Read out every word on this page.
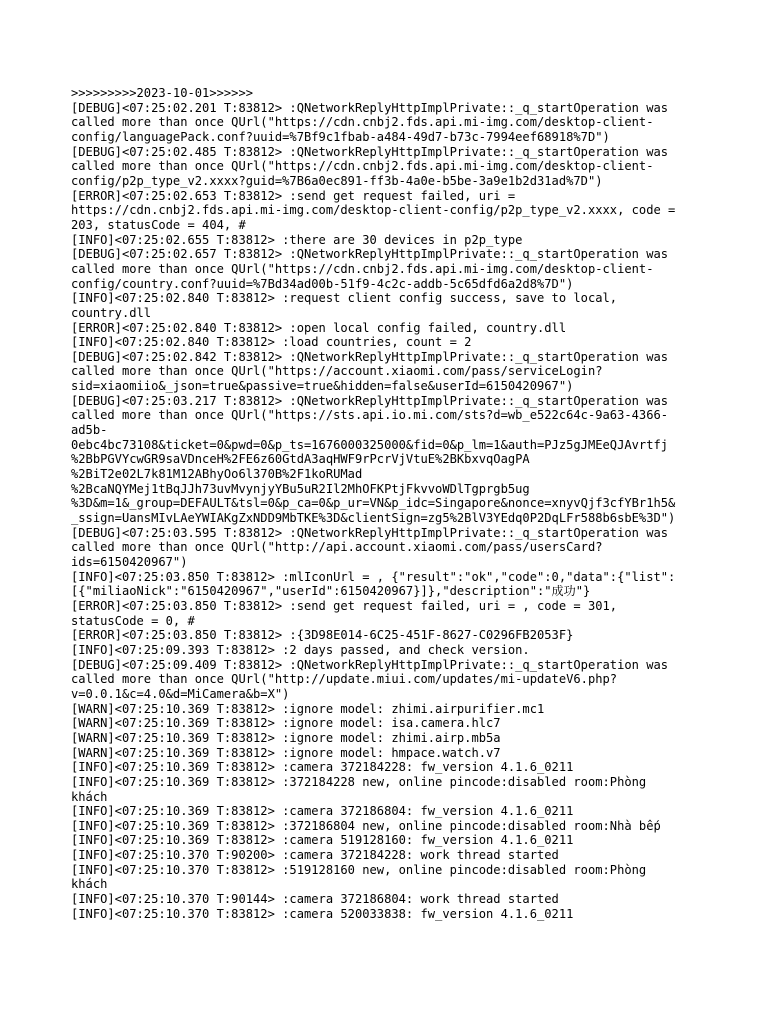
>>>>>>>>>2023-10-01>>>>>>
[DEBUG]<07:25:02.201 T:83812> :QNetworkReplyHttpImplPrivate::_q_startOperation was
called more than once QUrl("https://cdn.cnbj2.fds.api.mi-img.com/desktop-client-
config/languagePack.conf?uuid=%7Bf9c1fbab-a484-49d7-b73c-7994eef68918%7D")
[DEBUG]<07:25:02.485 T:83812> :QNetworkReplyHttpImplPrivate::_q_startOperation was
called more than once QUrl("https://cdn.cnbj2.fds.api.mi-img.com/desktop-client-
config/p2p_type_v2.xxxx?guid=%7B6a0ec891-ff3b-4a0e-b5be-3a9e1b2d31ad%7D")
[ERROR]<07:25:02.653 T:83812> :send get request failed, uri =
https://cdn.cnbj2.fds.api.mi-img.com/desktop-client-config/p2p_type_v2.xxxx, code =
203, statusCode = 404, #
[INFO]<07:25:02.655 T:83812> :there are 30 devices in p2p_type
[DEBUG]<07:25:02.657 T:83812> :QNetworkReplyHttpImplPrivate::_q_startOperation was
called more than once QUrl("https://cdn.cnbj2.fds.api.mi-img.com/desktop-client-
config/country.conf?uuid=%7Bd34ad00b-51f9-4c2c-addb-5c65dfd6a2d8%7D")
[INFO]<07:25:02.840 T:83812> :request client config success, save to local,
country.dll
[ERROR]<07:25:02.840 T:83812> :open local config failed, country.dll
[INFO]<07:25:02.840 T:83812> :load countries, count = 2
[DEBUG]<07:25:02.842 T:83812> :QNetworkReplyHttpImplPrivate::_q_startOperation was
called more than once QUrl("https://account.xiaomi.com/pass/serviceLogin?
sid=xiaomiio&_json=true&passive=true&hidden=false&userId=6150420967")
[DEBUG]<07:25:03.217 T:83812> :QNetworkReplyHttpImplPrivate::_q_startOperation was
called more than once QUrl("https://sts.api.io.mi.com/sts?d=wb_e522c64c-9a63-4366-
ad5b-
0ebc4bc73108&ticket=0&pwd=0&p_ts=1676000325000&fid=0&p_lm=1&auth=PJz5gJMEeQJAvrtfj
%2BbPGVYcwGR9saVDnceH%2FE6z60GtdA3aqHWF9rPcrVjVtuE%2BKbxvqOagPA
%2BiT2e02L7k81M12ABhyOo6l370B%2F1koRUMad
%2BcaNQYMej1tBqJJh73uvMvynjyYBu5uR2Il2MhOFKPtjFkvvoWDlTgprgb5ug
%3D&m=1&_group=DEFAULT&tsl=0&p_ca=0&p_ur=VN&p_idc=Singapore&nonce=xnyvQjf3cfYBr1h5&
_ssign=UansMIvLAeYWIAKgZxNDD9MbTKE%3D&clientSign=zg5%2BlV3YEdq0P2DqLFr588b6sbE%3D")
[DEBUG]<07:25:03.595 T:83812> :QNetworkReplyHttpImplPrivate::_q_startOperation was
called more than once QUrl("http://api.account.xiaomi.com/pass/usersCard?
ids=6150420967")
[INFO]<07:25:03.850 T:83812> :mlIconUrl = , {"result":"ok","code":0,"data":{"list":
[{"miliaoNick":"6150420967","userId":6150420967}]},"description":"成功"}
[ERROR]<07:25:03.850 T:83812> :send get request failed, uri = , code = 301,
statusCode = 0, #
[ERROR]<07:25:03.850 T:83812> :{3D98E014-6C25-451F-8627-C0296FB2053F}
[INFO]<07:25:09.393 T:83812> :2 days passed, and check version.
[DEBUG]<07:25:09.409 T:83812> :QNetworkReplyHttpImplPrivate::_q_startOperation was
called more than once QUrl("http://update.miui.com/updates/mi-updateV6.php?
v=0.0.1&c=4.0&d=MiCamera&b=X")
[WARN]<07:25:10.369 T:83812> :ignore model: zhimi.airpurifier.mc1
[WARN]<07:25:10.369 T:83812> :ignore model: isa.camera.hlc7
[WARN]<07:25:10.369 T:83812> :ignore model: zhimi.airp.mb5a
[WARN]<07:25:10.369 T:83812> :ignore model: hmpace.watch.v7
[INFO]<07:25:10.369 T:83812> :camera 372184228: fw_version 4.1.6_0211
[INFO]<07:25:10.369 T:83812> :372184228 new, online pincode:disabled room:Phòng
khách
[INFO]<07:25:10.369 T:83812> :camera 372186804: fw_version 4.1.6_0211
[INFO]<07:25:10.369 T:83812> :372186804 new, online pincode:disabled room:Nhà bếp
[INFO]<07:25:10.369 T:83812> :camera 519128160: fw_version 4.1.6_0211
[INFO]<07:25:10.370 T:90200> :camera 372184228: work thread started
[INFO]<07:25:10.370 T:83812> :519128160 new, online pincode:disabled room:Phòng
khách
[INFO]<07:25:10.370 T:90144> :camera 372186804: work thread started
[INFO]<07:25:10.370 T:83812> :camera 520033838: fw_version 4.1.6_0211
